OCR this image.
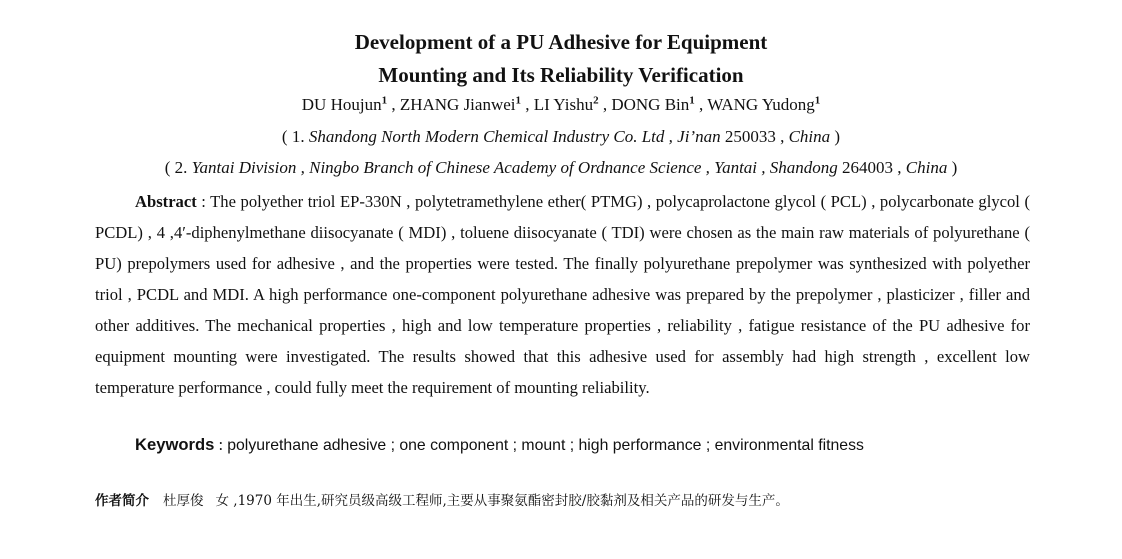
Development of a PU Adhesive for Equipment
Mounting and Its Reliability Verification
DU Houjun$^1$ , ZHANG Jianwei$^1$ , LI Yishu$^2$ , DONG Bin$^1$ , WANG Yudong$^1$
( 1. Shandong North Modern Chemical Industry Co. Ltd , Ji’nan 250033 , China )
( 2. Yantai Division , Ningbo Branch of Chinese Academy of Ordnance Science , Yantai , Shandong 264003 , China )

Abstract : The polyether triol EP-330N , polytetramethylene ether( PTMG) , polycaprolactone glycol ( PCL) , polycarbonate glycol ( PCDL) , 4 ,4′-diphenylmethane diisocyanate ( MDI) , toluene diisocyanate ( TDI) were chosen as the main raw materials of polyurethane ( PU) prepolymers used for adhesive , and the properties were tested. The finally polyurethane prepolymer was synthesized with polyether triol , PCDL and MDI. A high performance one-component polyurethane adhesive was prepared by the prepolymer , plasticizer , filler and other additives. The mechanical properties , high and low temperature properties , reliability , fatigue resistance of the PU adhesive for equipment mounting were investigated. The results showed that this adhesive used for assembly had high strength , excellent low temperature performance , could fully meet the requirement of mounting reliability.

Keywords : polyurethane adhesive ; one component ; mount ; high performance ; environmental fitness

作者简介 杜厚俊 女 ,1970 年出生,研究员级高级工程师,主要从事聚氨酯密封胶/胶黏剂及相关产品的研发与生产。
